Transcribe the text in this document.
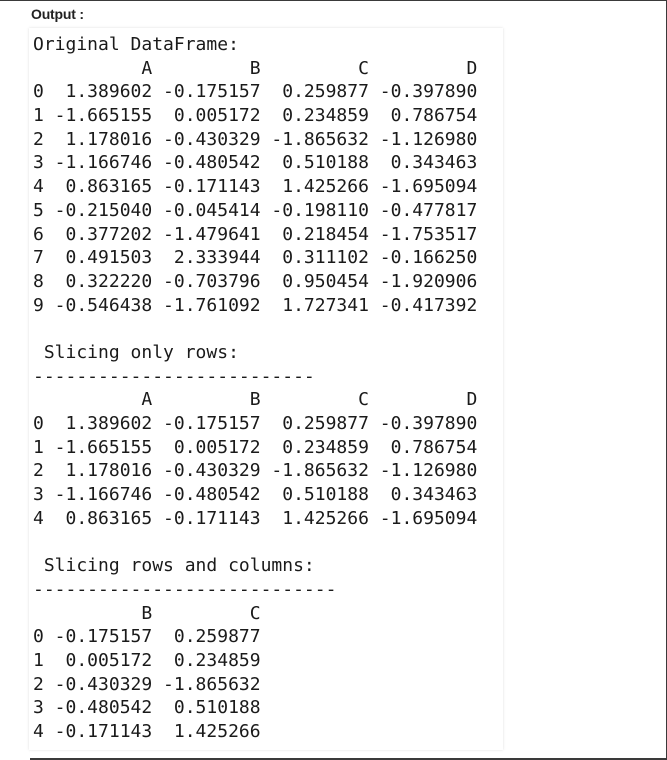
Output :
Original DataFrame:
A         B         C         D
0  1.389602 -0.175157  0.259877 -0.397890
1 -1.665155  0.005172  0.234859  0.786754
2  1.178016 -0.430329 -1.865632 -1.126980
3 -1.166746 -0.480542  0.510188  0.343463
4  0.863165 -0.171143  1.425266 -1.695094
5 -0.215040 -0.045414 -0.198110 -0.477817
6  0.377202 -1.479641  0.218454 -1.753517
7  0.491503  2.333944  0.311102 -0.166250
8  0.322220 -0.703796  0.950454 -1.920906
9 -0.546438 -1.761092  1.727341 -0.417392
Slicing only rows:
--------------------------
A         B         C         D
0  1.389602 -0.175157  0.259877 -0.397890
1 -1.665155  0.005172  0.234859  0.786754
2  1.178016 -0.430329 -1.865632 -1.126980
3 -1.166746 -0.480542  0.510188  0.343463
4  0.863165 -0.171143  1.425266 -1.695094
Slicing rows and columns:
----------------------------
B         C
0 -0.175157  0.259877
1  0.005172  0.234859
2 -0.430329 -1.865632
3 -0.480542  0.510188
4 -0.171143  1.425266
